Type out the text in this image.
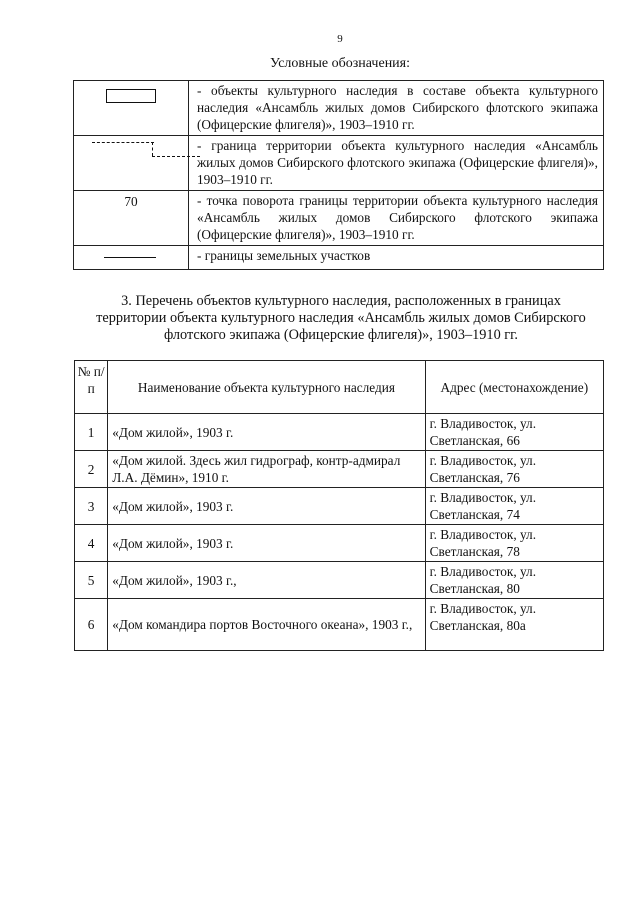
9
Условные обозначения:
	- объекты культурного наследия в составе объекта культурного наследия «Ансамбль жилых домов Сибирского флотского экипажа (Офицерские флигеля)», 1903–1910 гг.

	- граница территории объекта культурного наследия «Ансамбль жилых домов Сибирского флотского экипажа (Офицерские флигеля)», 1903–1910 гг.
70	- точка поворота границы территории объекта культурного наследия «Ансамбль жилых домов Сибирского флотского экипажа (Офицерские флигеля)», 1903–1910 гг.

	- границы земельных участков
3. Перечень объектов культурного наследия, расположенных в границах территории объекта культурного наследия «Ансамбль жилых домов Сибирского флотского экипажа (Офицерские флигеля)», 1903–1910 гг.
№ п/ п	Наименование объекта культурного наследия	Адрес (местонахождение)
1	«Дом жилой», 1903 г.	г. Владивосток, ул. Светланская, 66
2	«Дом жилой. Здесь жил гидрограф, контр-адмирал Л.А. Дёмин», 1910 г.	г. Владивосток, ул. Светланская, 76
3	«Дом жилой», 1903 г.	г. Владивосток, ул. Светланская, 74
4	«Дом жилой», 1903 г.	г. Владивосток, ул. Светланская, 78
5	«Дом жилой», 1903 г.,	г. Владивосток, ул. Светланская, 80
6	«Дом командира портов Восточного океана», 1903 г.,	г. Владивосток, ул. Светланская, 80а
